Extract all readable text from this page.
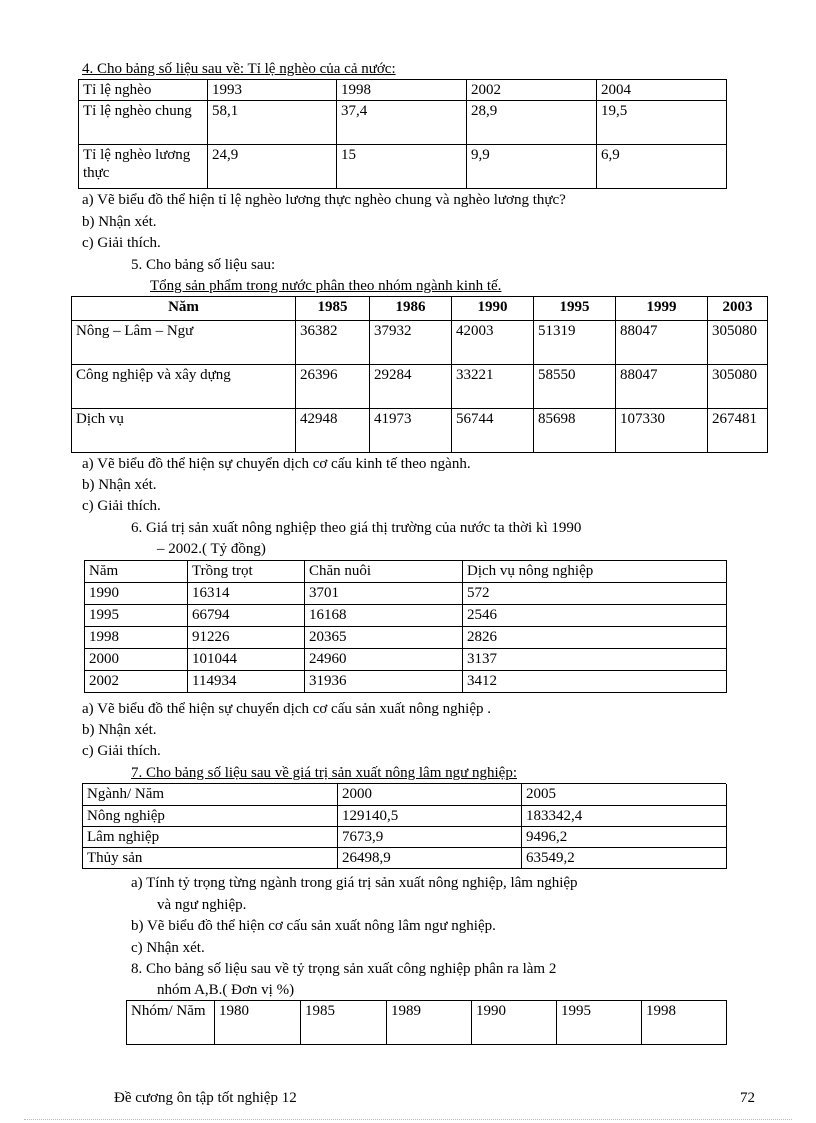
4. Cho bảng số liệu sau về: Tỉ lệ nghèo của cả nước:
Tỉ lệ nghèo	1993	1998	2002	2004
Tỉ lệ nghèo chung	58,1	37,4	28,9	19,5
Tỉ lệ nghèo lương thực	24,9	15	9,9	6,9
a) Vẽ biểu đồ thể hiện tỉ lệ nghèo lương thực nghèo chung và nghèo lương thực?
b) Nhận xét.
c) Giải thích.
5. Cho bảng số liệu sau:
Tổng sản phẩm trong nước phân theo nhóm ngành kinh tế.
Năm	1985	1986	1990	1995	1999	2003
Nông – Lâm – Ngư	36382	37932	42003	51319	88047	305080
Công nghiệp và xây dựng	26396	29284	33221	58550	88047	305080
Dịch vụ	42948	41973	56744	85698	107330	267481
a) Vẽ biểu đồ thể hiện sự chuyển dịch cơ cấu kinh tế theo ngành.
b) Nhận xét.
c) Giải thích.
6. Giá trị sản xuất nông nghiệp theo giá thị trường của nước ta thời kì 1990
– 2002.( Tỷ đồng)
Năm	Trồng trọt	Chăn nuôi	Dịch vụ nông nghiệp
1990	16314	3701	572
1995	66794	16168	2546
1998	91226	20365	2826
2000	101044	24960	3137
2002	114934	31936	3412
a) Vẽ biểu đồ thể hiện sự chuyển dịch cơ cấu sản xuất nông nghiệp .
b) Nhận xét.
c) Giải thích.
7. Cho bảng số liệu sau về giá trị sản xuất nông lâm ngư nghiệp:
Ngành/ Năm	2000	2005
Nông nghiệp	129140,5	183342,4
Lâm nghiệp	7673,9	9496,2
Thủy sản	26498,9	63549,2
a) Tính tỷ trọng từng ngành trong giá trị sản xuất nông nghiệp, lâm nghiệp
và ngư nghiệp.
b) Vẽ biểu đồ thể hiện cơ cấu sản xuất nông lâm ngư nghiệp.
c) Nhận xét.
8. Cho bảng số liệu sau về tỷ trọng sản xuất công nghiệp phân ra làm 2
nhóm A,B.( Đơn vị %)
Nhóm/ Năm	1980	1985	1989	1990	1995	1998
Đề cương ôn tập tốt nghiệp 12	72
